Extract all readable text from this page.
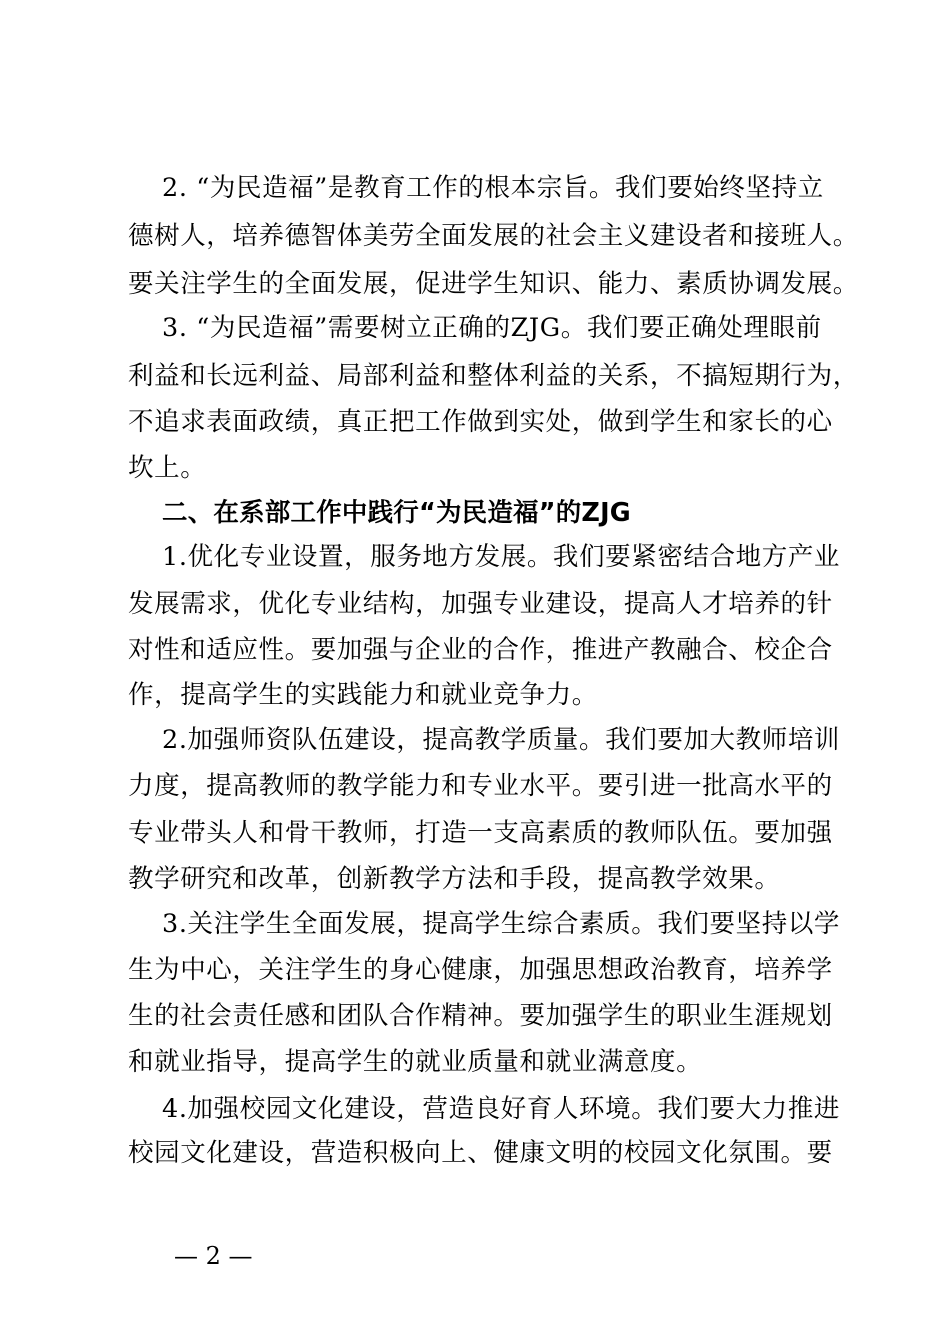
2. “为民造福”是教育工作的根本宗旨。我们要始终坚持立
德树人，培养德智体美劳全面发展的社会主义建设者和接班人。
要关注学生的全面发展，促进学生知识、能力、素质协调发展。
3. “为民造福”需要树立正确的ZJG。我们要正确处理眼前
利益和长远利益、局部利益和整体利益的关系，不搞短期行为，
不追求表面政绩，真正把工作做到实处，做到学生和家长的心
坎上。
二、在系部工作中践行“为民造福”的ZJG
1.优化专业设置，服务地方发展。我们要紧密结合地方产业
发展需求，优化专业结构，加强专业建设，提高人才培养的针
对性和适应性。要加强与企业的合作，推进产教融合、校企合
作，提高学生的实践能力和就业竞争力。
2.加强师资队伍建设，提高教学质量。我们要加大教师培训
力度，提高教师的教学能力和专业水平。要引进一批高水平的
专业带头人和骨干教师，打造一支高素质的教师队伍。要加强
教学研究和改革，创新教学方法和手段，提高教学效果。
3.关注学生全面发展，提高学生综合素质。我们要坚持以学
生为中心，关注学生的身心健康，加强思想政治教育，培养学
生的社会责任感和团队合作精神。要加强学生的职业生涯规划
和就业指导，提高学生的就业质量和就业满意度。
4.加强校园文化建设，营造良好育人环境。我们要大力推进
校园文化建设，营造积极向上、健康文明的校园文化氛围。要
— 2 —
